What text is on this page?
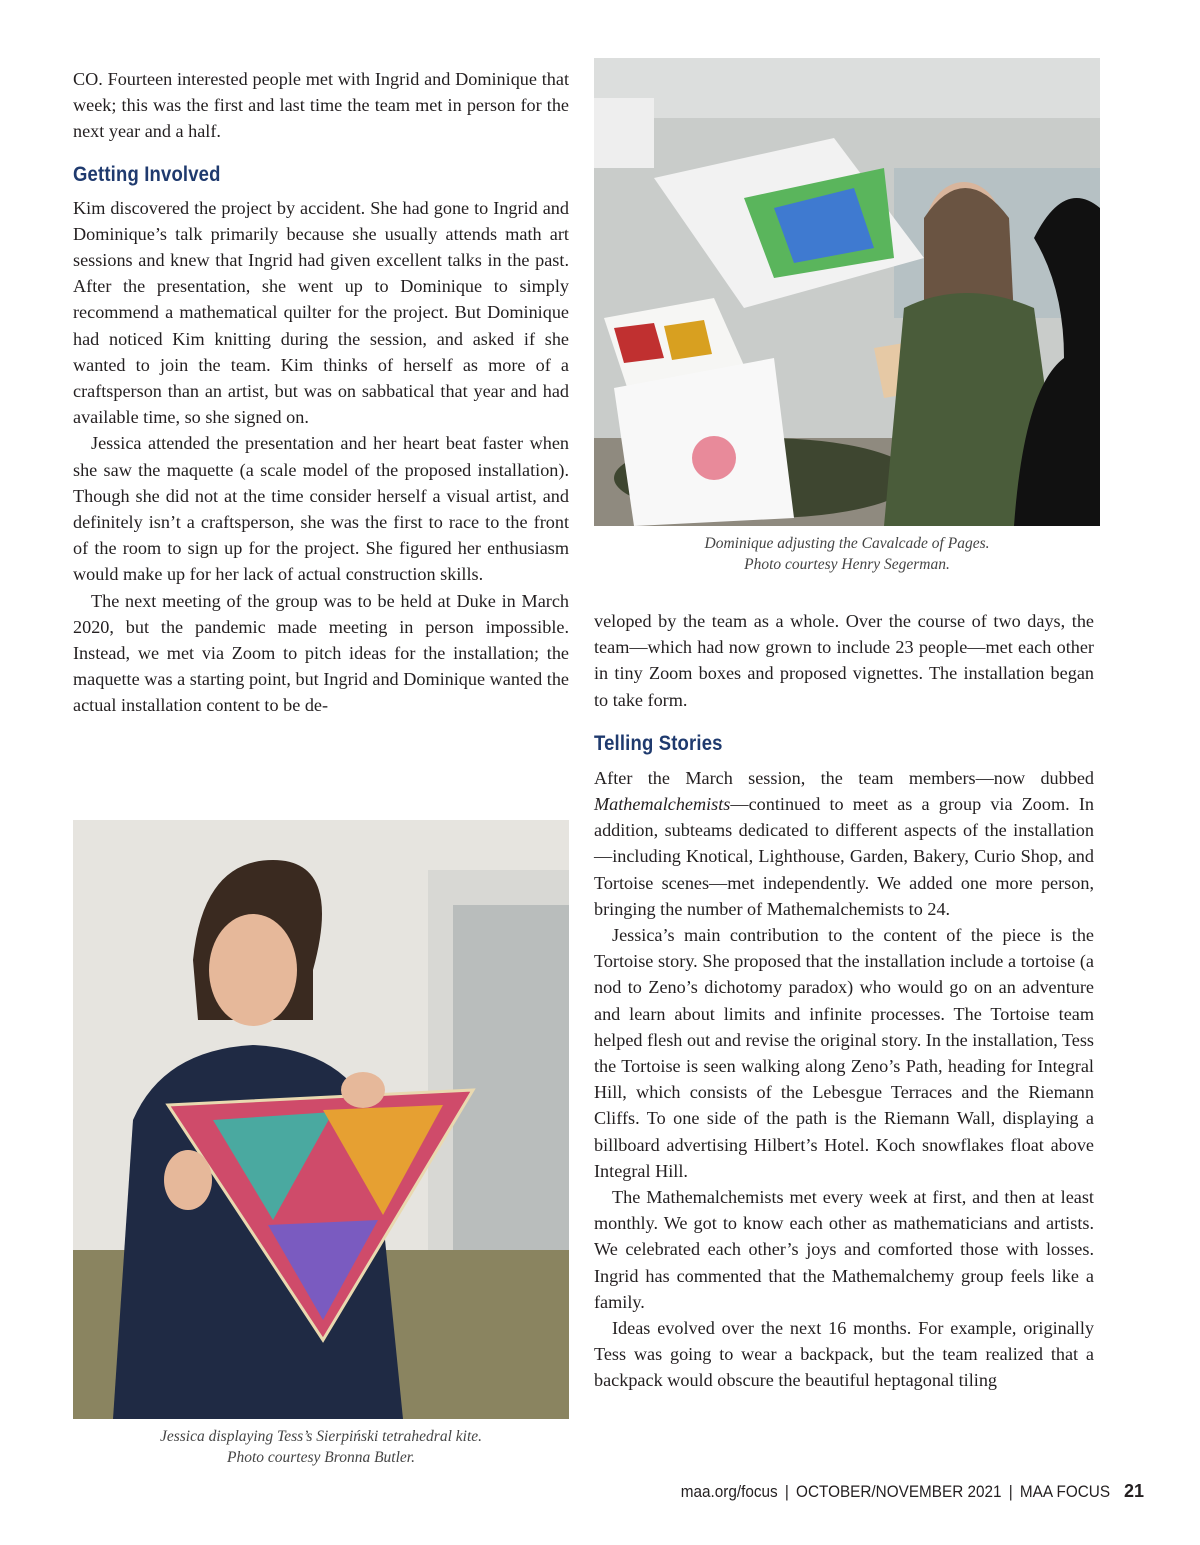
CO. Fourteen interested people met with Ingrid and Dominique that week; this was the first and last time the team met in person for the next year and a half.

Getting Involved

Kim discovered the project by accident. She had gone to Ingrid and Dominique’s talk primarily because she usually attends math art sessions and knew that Ingrid had given excellent talks in the past. After the presentation, she went up to Dominique to simply recommend a mathematical quilter for the project. But Dominique had noticed Kim knitting during the session, and asked if she wanted to join the team. Kim thinks of herself as more of a craftsperson than an artist, but was on sabbatical that year and had available time, so she signed on.

Jessica attended the presentation and her heart beat faster when she saw the maquette (a scale model of the proposed installation). Though she did not at the time consider herself a visual artist, and definitely isn’t a craftsperson, she was the first to race to the front of the room to sign up for the project. She figured her enthusiasm would make up for her lack of actual construction skills.

The next meeting of the group was to be held at Duke in March 2020, but the pandemic made meeting in person impossible. Instead, we met via Zoom to pitch ideas for the installation; the maquette was a starting point, but Ingrid and Dominique wanted the actual installation content to be de-

Dominique adjusting the Cavalcade of Pages.
Photo courtesy Henry Segerman.

veloped by the team as a whole. Over the course of two days, the team—which had now grown to include 23 people—met each other in tiny Zoom boxes and proposed vignettes. The installation began to take form.

Telling Stories

After the March session, the team members—now dubbed Mathemalchemists—continued to meet as a group via Zoom. In addition, subteams dedicated to different aspects of the installation—including Knotical, Lighthouse, Garden, Bakery, Curio Shop, and Tortoise scenes—met independently. We added one more person, bringing the number of Mathemalchemists to 24.

Jessica’s main contribution to the content of the piece is the Tortoise story. She proposed that the installation include a tortoise (a nod to Zeno’s dichotomy paradox) who would go on an adventure and learn about limits and infinite processes. The Tortoise team helped flesh out and revise the original story. In the installation, Tess the Tortoise is seen walking along Zeno’s Path, heading for Integral Hill, which consists of the Lebesgue Terraces and the Riemann Cliffs. To one side of the path is the Riemann Wall, displaying a billboard advertising Hilbert’s Hotel. Koch snowflakes float above Integral Hill.

The Mathemalchemists met every week at first, and then at least monthly. We got to know each other as mathematicians and artists. We celebrated each other’s joys and comforted those with losses. Ingrid has commented that the Mathemalchemy group feels like a family.

Ideas evolved over the next 16 months. For example, originally Tess was going to wear a backpack, but the team realized that a backpack would obscure the beautiful heptagonal tiling

Jessica displaying Tess’s Sierpiński tetrahedral kite.
Photo courtesy Bronna Butler.
maa.org/focus | OCTOBER/NOVEMBER 2021 | MAA FOCUS 21
